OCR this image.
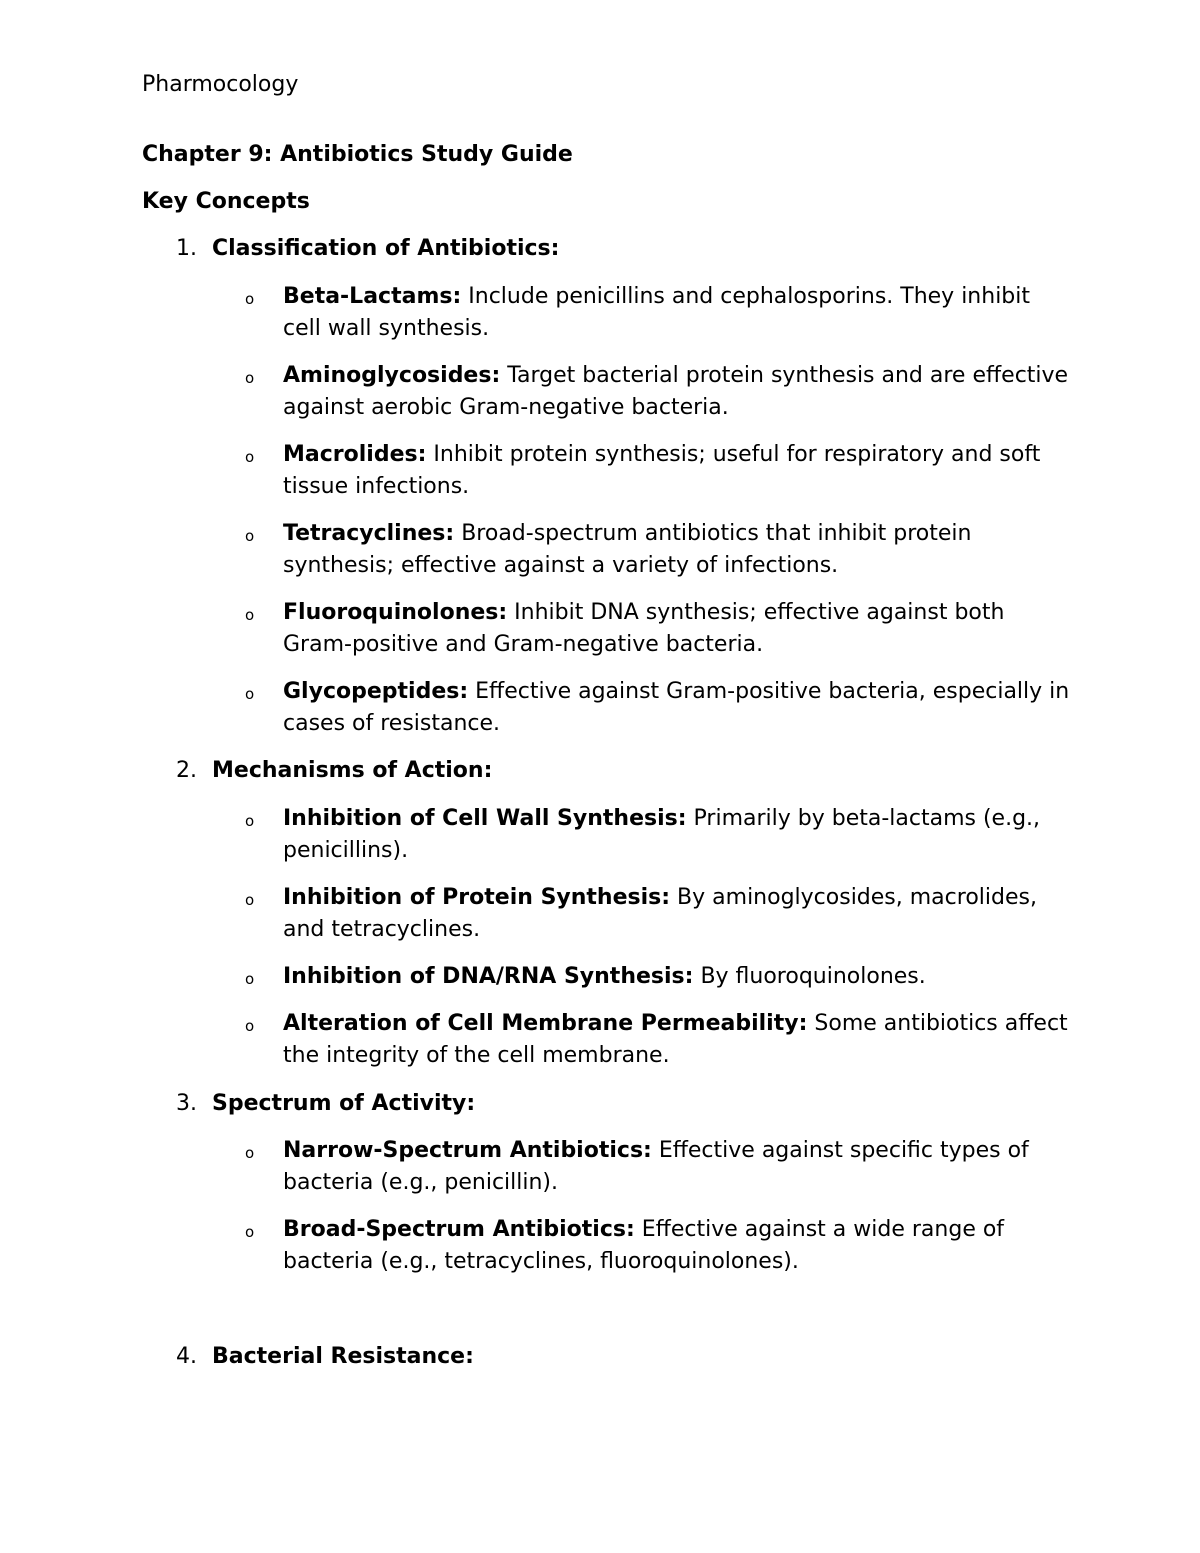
Pharmocology
Chapter 9: Antibiotics Study Guide
Key Concepts
1. Classification of Antibiotics:
o Beta-Lactams: Include penicillins and cephalosporins. They inhibit cell wall synthesis.
o Aminoglycosides: Target bacterial protein synthesis and are effective against aerobic Gram-negative bacteria.
o Macrolides: Inhibit protein synthesis; useful for respiratory and soft tissue infections.
o Tetracyclines: Broad-spectrum antibiotics that inhibit protein synthesis; effective against a variety of infections.
o Fluoroquinolones: Inhibit DNA synthesis; effective against both Gram-positive and Gram-negative bacteria.
o Glycopeptides: Effective against Gram-positive bacteria, especially in cases of resistance.
2. Mechanisms of Action:
o Inhibition of Cell Wall Synthesis: Primarily by beta-lactams (e.g., penicillins).
o Inhibition of Protein Synthesis: By aminoglycosides, macrolides, and tetracyclines.
o Inhibition of DNA/RNA Synthesis: By fluoroquinolones.
o Alteration of Cell Membrane Permeability: Some antibiotics affect the integrity of the cell membrane.
3. Spectrum of Activity:
o Narrow-Spectrum Antibiotics: Effective against specific types of bacteria (e.g., penicillin).
o Broad-Spectrum Antibiotics: Effective against a wide range of bacteria (e.g., tetracyclines, fluoroquinolones).
4. Bacterial Resistance:
